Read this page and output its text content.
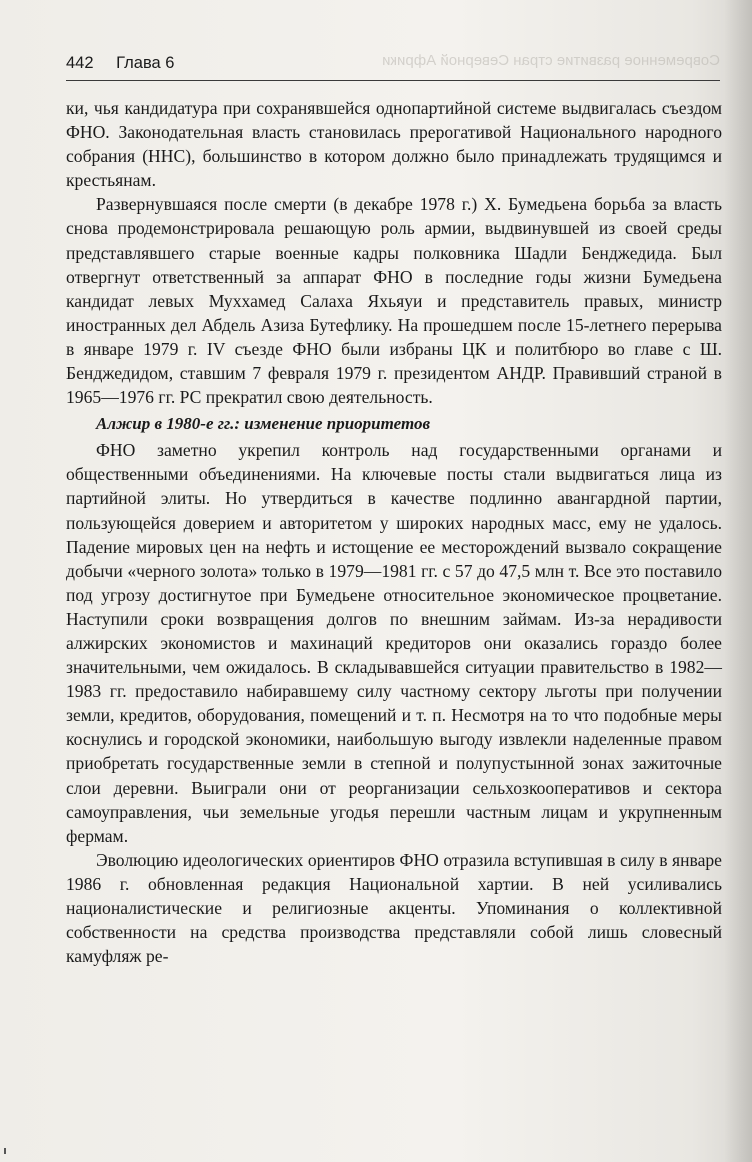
Современное развитие стран Северной Африки
442 Глава 6

ки, чья кандидатура при сохранявшейся однопартийной системе выдвигалась съездом ФНО. Законодательная власть становилась прерогативой Национального народного собрания (ННС), большинство в котором должно было принадлежать трудящимся и крестьянам.

Развернувшаяся после смерти (в декабре 1978 г.) Х. Бумедьена борьба за власть снова продемонстрировала решающую роль армии, выдвинувшей из своей среды представлявшего старые военные кадры полковника Шадли Бенджедида. Был отвергнут ответственный за аппарат ФНО в последние годы жизни Бумедьена кандидат левых Муххамед Салаха Яхьяуи и представитель правых, министр иностранных дел Абдель Азиза Бутефлику. На прошедшем после 15-летнего перерыва в январе 1979 г. IV съезде ФНО были избраны ЦК и политбюро во главе с Ш. Бенджедидом, ставшим 7 февраля 1979 г. президентом АНДР. Правивший страной в 1965—1976 гг. РС прекратил свою деятельность.

Алжир в 1980-е гг.: изменение приоритетов

ФНО заметно укрепил контроль над государственными органами и общественными объединениями. На ключевые посты стали выдвигаться лица из партийной элиты. Но утвердиться в качестве подлинно авангардной партии, пользующейся доверием и авторитетом у широких народных масс, ему не удалось. Падение мировых цен на нефть и истощение ее месторождений вызвало сокращение добычи «черного золота» только в 1979—1981 гг. с 57 до 47,5 млн т. Все это поставило под угрозу достигнутое при Бумедьене относительное экономическое процветание. Наступили сроки возвращения долгов по внешним займам. Из-за нерадивости алжирских экономистов и махинаций кредиторов они оказались гораздо более значительными, чем ожидалось. В складывавшейся ситуации правительство в 1982—1983 гг. предоставило набиравшему силу частному сектору льготы при получении земли, кредитов, оборудования, помещений и т. п. Несмотря на то что подобные меры коснулись и городской экономики, наибольшую выгоду извлекли наделенные правом приобретать государственные земли в степной и полупустынной зонах зажиточные слои деревни. Выиграли они от реорганизации сельхозкооперативов и сектора самоуправления, чьи земельные угодья перешли частным лицам и укрупненным фермам.

Эволюцию идеологических ориентиров ФНО отразила вступившая в силу в январе 1986 г. обновленная редакция Национальной хартии. В ней усиливались националистические и религиозные акценты. Упоминания о коллективной собственности на средства производства представляли собой лишь словесный камуфляж ре-
